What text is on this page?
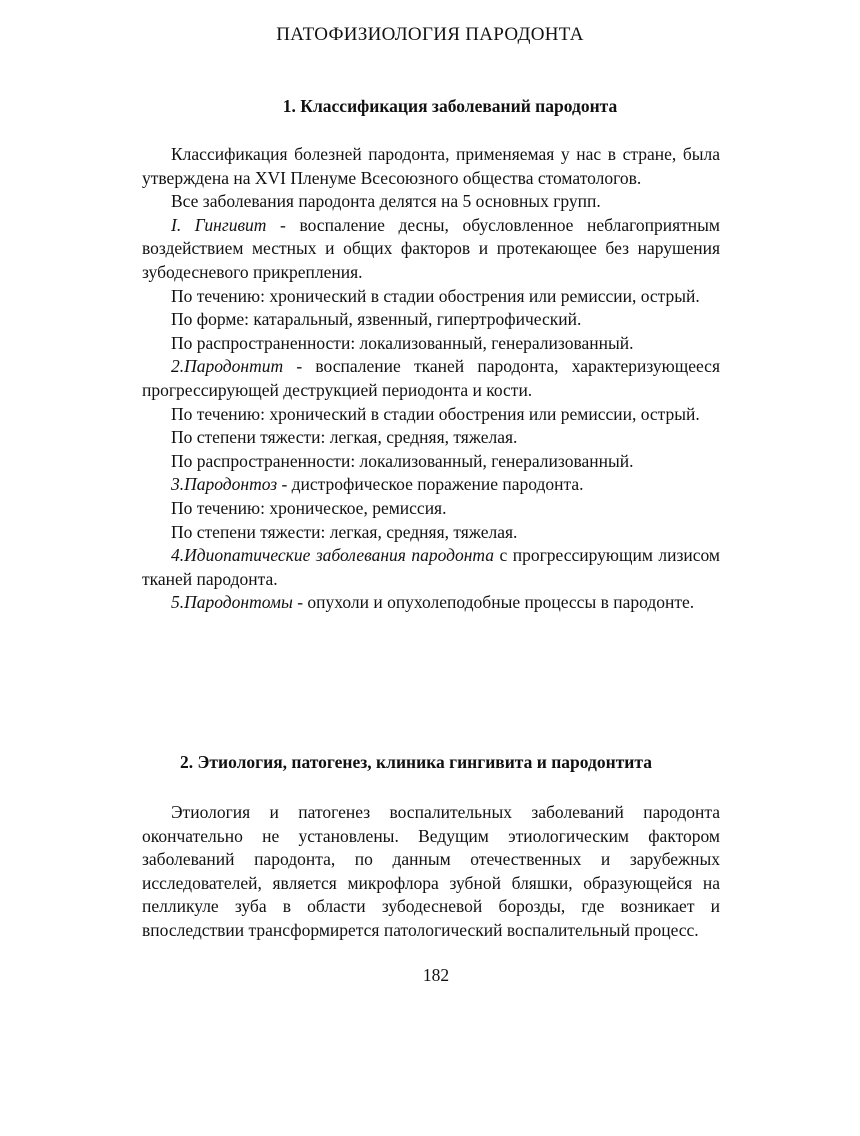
ПАТОФИЗИОЛОГИЯ ПАРОДОНТА
1. Классификация заболеваний пародонта

Классификация болезней пародонта, применяемая у нас в стране, была утверждена на XVI Пленуме Всесоюзного общества стоматологов.

Все заболевания пародонта делятся на 5 основных групп.

I. Гингивит - воспаление десны, обусловленное неблагоприятным воздействием местных и общих факторов и протекающее без нарушения зубодесневого прикрепления.

По течению: хронический в стадии обострения или ремиссии, острый.

По форме: катаральный, язвенный, гипертрофический.

По распространенности: локализованный, генерализованный.

2.Пародонтит - воспаление тканей пародонта, характеризующееся прогрессирующей деструкцией периодонта и кости.

По течению: хронический в стадии обострения или ремиссии, острый.

По степени тяжести: легкая, средняя, тяжелая.

По распространенности: локализованный, генерализованный.

3.Пародонтоз - дистрофическое поражение пародонта.

По течению: хроническое, ремиссия.

По степени тяжести: легкая, средняя, тяжелая.

4.Идиопатические заболевания пародонта с прогрессирующим лизисом тканей пародонта.

5.Пародонтомы - опухоли и опухолеподобные процессы в пародонте.

2. Этиология, патогенез, клиника гингивита и пародонтита

Этиология и патогенез воспалительных заболеваний пародонта окончательно не установлены. Ведущим этиологическим фактором заболеваний пародонта, по данным отечественных и зарубежных исследователей, является микрофлора зубной бляшки, образующейся на пелликуле зуба в области зубодесневой борозды, где возникает и впоследствии трансформирется патологический воспалительный процесс.

182
